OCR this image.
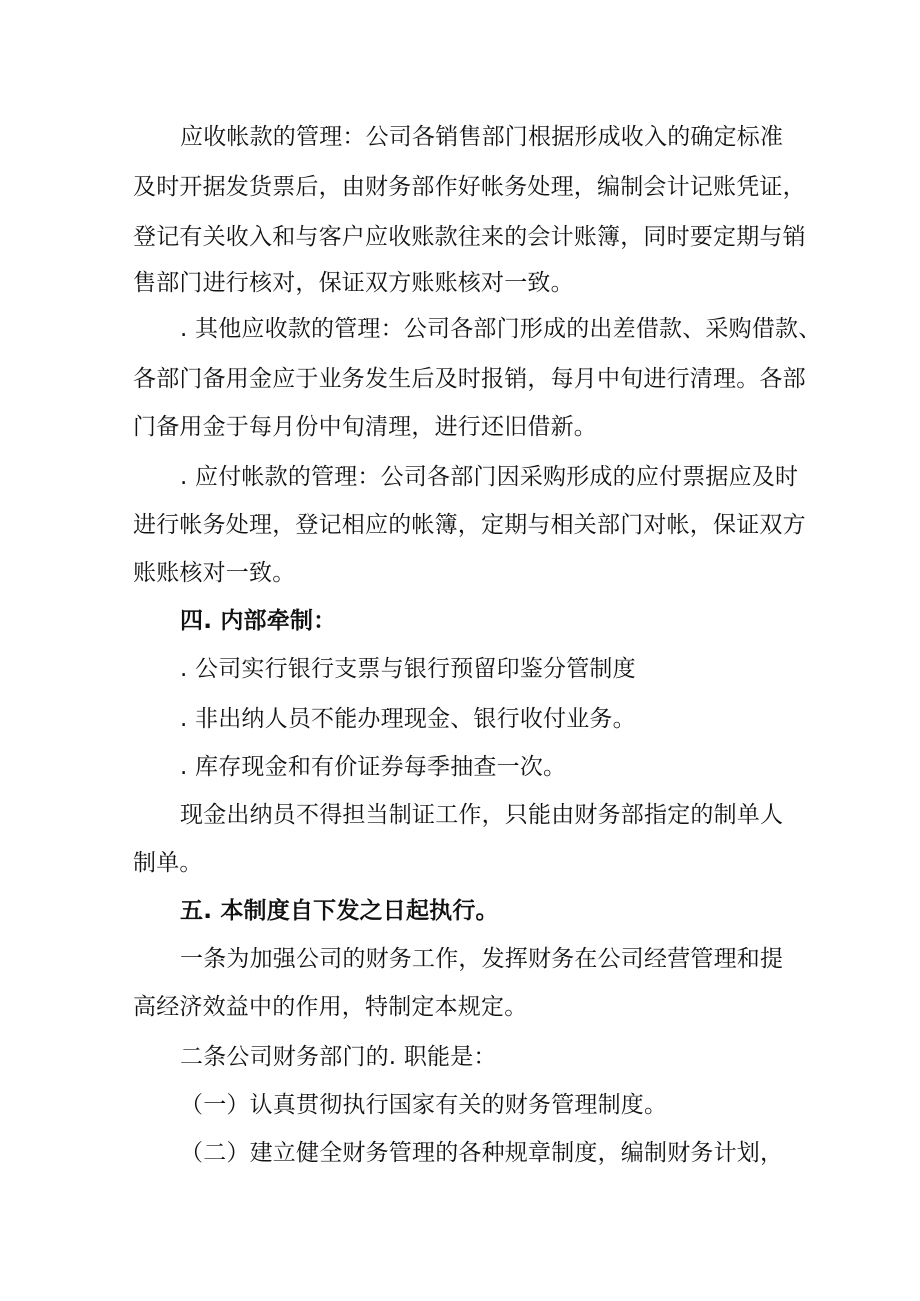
应收帐款的管理：公司各销售部门根据形成收入的确定标准
及时开据发货票后，由财务部作好帐务处理，编制会计记账凭证，
登记有关收入和与客户应收账款往来的会计账簿，同时要定期与销
售部门进行核对，保证双方账账核对一致。
. 其他应收款的管理：公司各部门形成的出差借款、采购借款、
各部门备用金应于业务发生后及时报销，每月中旬进行清理。各部
门备用金于每月份中旬清理，进行还旧借新。
. 应付帐款的管理：公司各部门因采购形成的应付票据应及时
进行帐务处理，登记相应的帐簿，定期与相关部门对帐，保证双方
账账核对一致。
四. 内部牵制：
. 公司实行银行支票与银行预留印鉴分管制度
. 非出纳人员不能办理现金、银行收付业务。
. 库存现金和有价证券每季抽查一次。
现金出纳员不得担当制证工作，只能由财务部指定的制单人
制单。
五. 本制度自下发之日起执行。
一条为加强公司的财务工作，发挥财务在公司经营管理和提
高经济效益中的作用，特制定本规定。
二条公司财务部门的. 职能是：
（一）认真贯彻执行国家有关的财务管理制度。
（二）建立健全财务管理的各种规章制度，编制财务计划，
